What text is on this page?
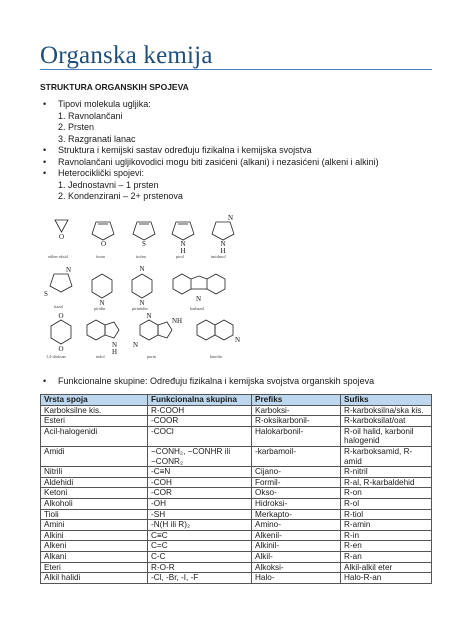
Organska kemija
STRUKTURA ORGANSKIH SPOJEVA
• Tipovi molekula ugljika:
1. Ravnolančani
2. Prsten
3. Razgranati lanac
• Struktura i kemijski sastav određuju fizikalna i kemijska svojstva
• Ravnolančani ugljikovodici mogu biti zasićeni (alkani) i nezasićeni (alkeni i alkini)
• Heterociklički spojevi:
1. Jednostavni – 1 prsten
2. Kondenzirani – 2+ prstenova
O
etilen-oksid
O
furan
S
tiofen
N
H
pirol
N
N
H
imidazol
N
S
tiazol	N
piridin
N
N
pirimidin
N
karbazol
O
O
1,4-dioksan
N
H
indol
N
N
NH
purin
N
kinolin
• Funkcionalne skupine: Određuju fizikalna i kemijska svojstva organskih spojeva
Vrsta spoja	Funkcionalna skupina	Prefiks	Sufiks
Karboksilne kis.	R-COOH	Karboksi-	R-karboksilna/ska kis.
Esteri	-COOR	R-oksikarbonil-	R-karboksilat/oat
Acil-halogenidi	-COCl	Halokarbonil-	R-oil halid, karbonil halogenid
Amidi	−CONH₂, −CONHR ili −CONR₂	-karbamoil-	R-karboksamid, R-amid
Nitrili	-C≡N	Cijano-	R-nitril
Aldehidi	-COH	Formil-	R-al, R-karbaldehid
Ketoni	-COR	Okso-	R-on
Alkoholi	-OH	Hidroksi-	R-ol
Tioli	-SH	Merkapto-	R-tiol
Amini	-N(H ili R)₂	Amino-	R-amin
Alkini	C≡C	Alkenil-	R-in
Alkeni	C=C	Alkinil-	R-en
Alkani	C-C	Alkil-	R-an
Eteri	R-O-R	Alkoksi-	Alkil-alkil eter
Alkil halidi	-Cl, -Br, -I, -F	Halo-	Halo-R-an
